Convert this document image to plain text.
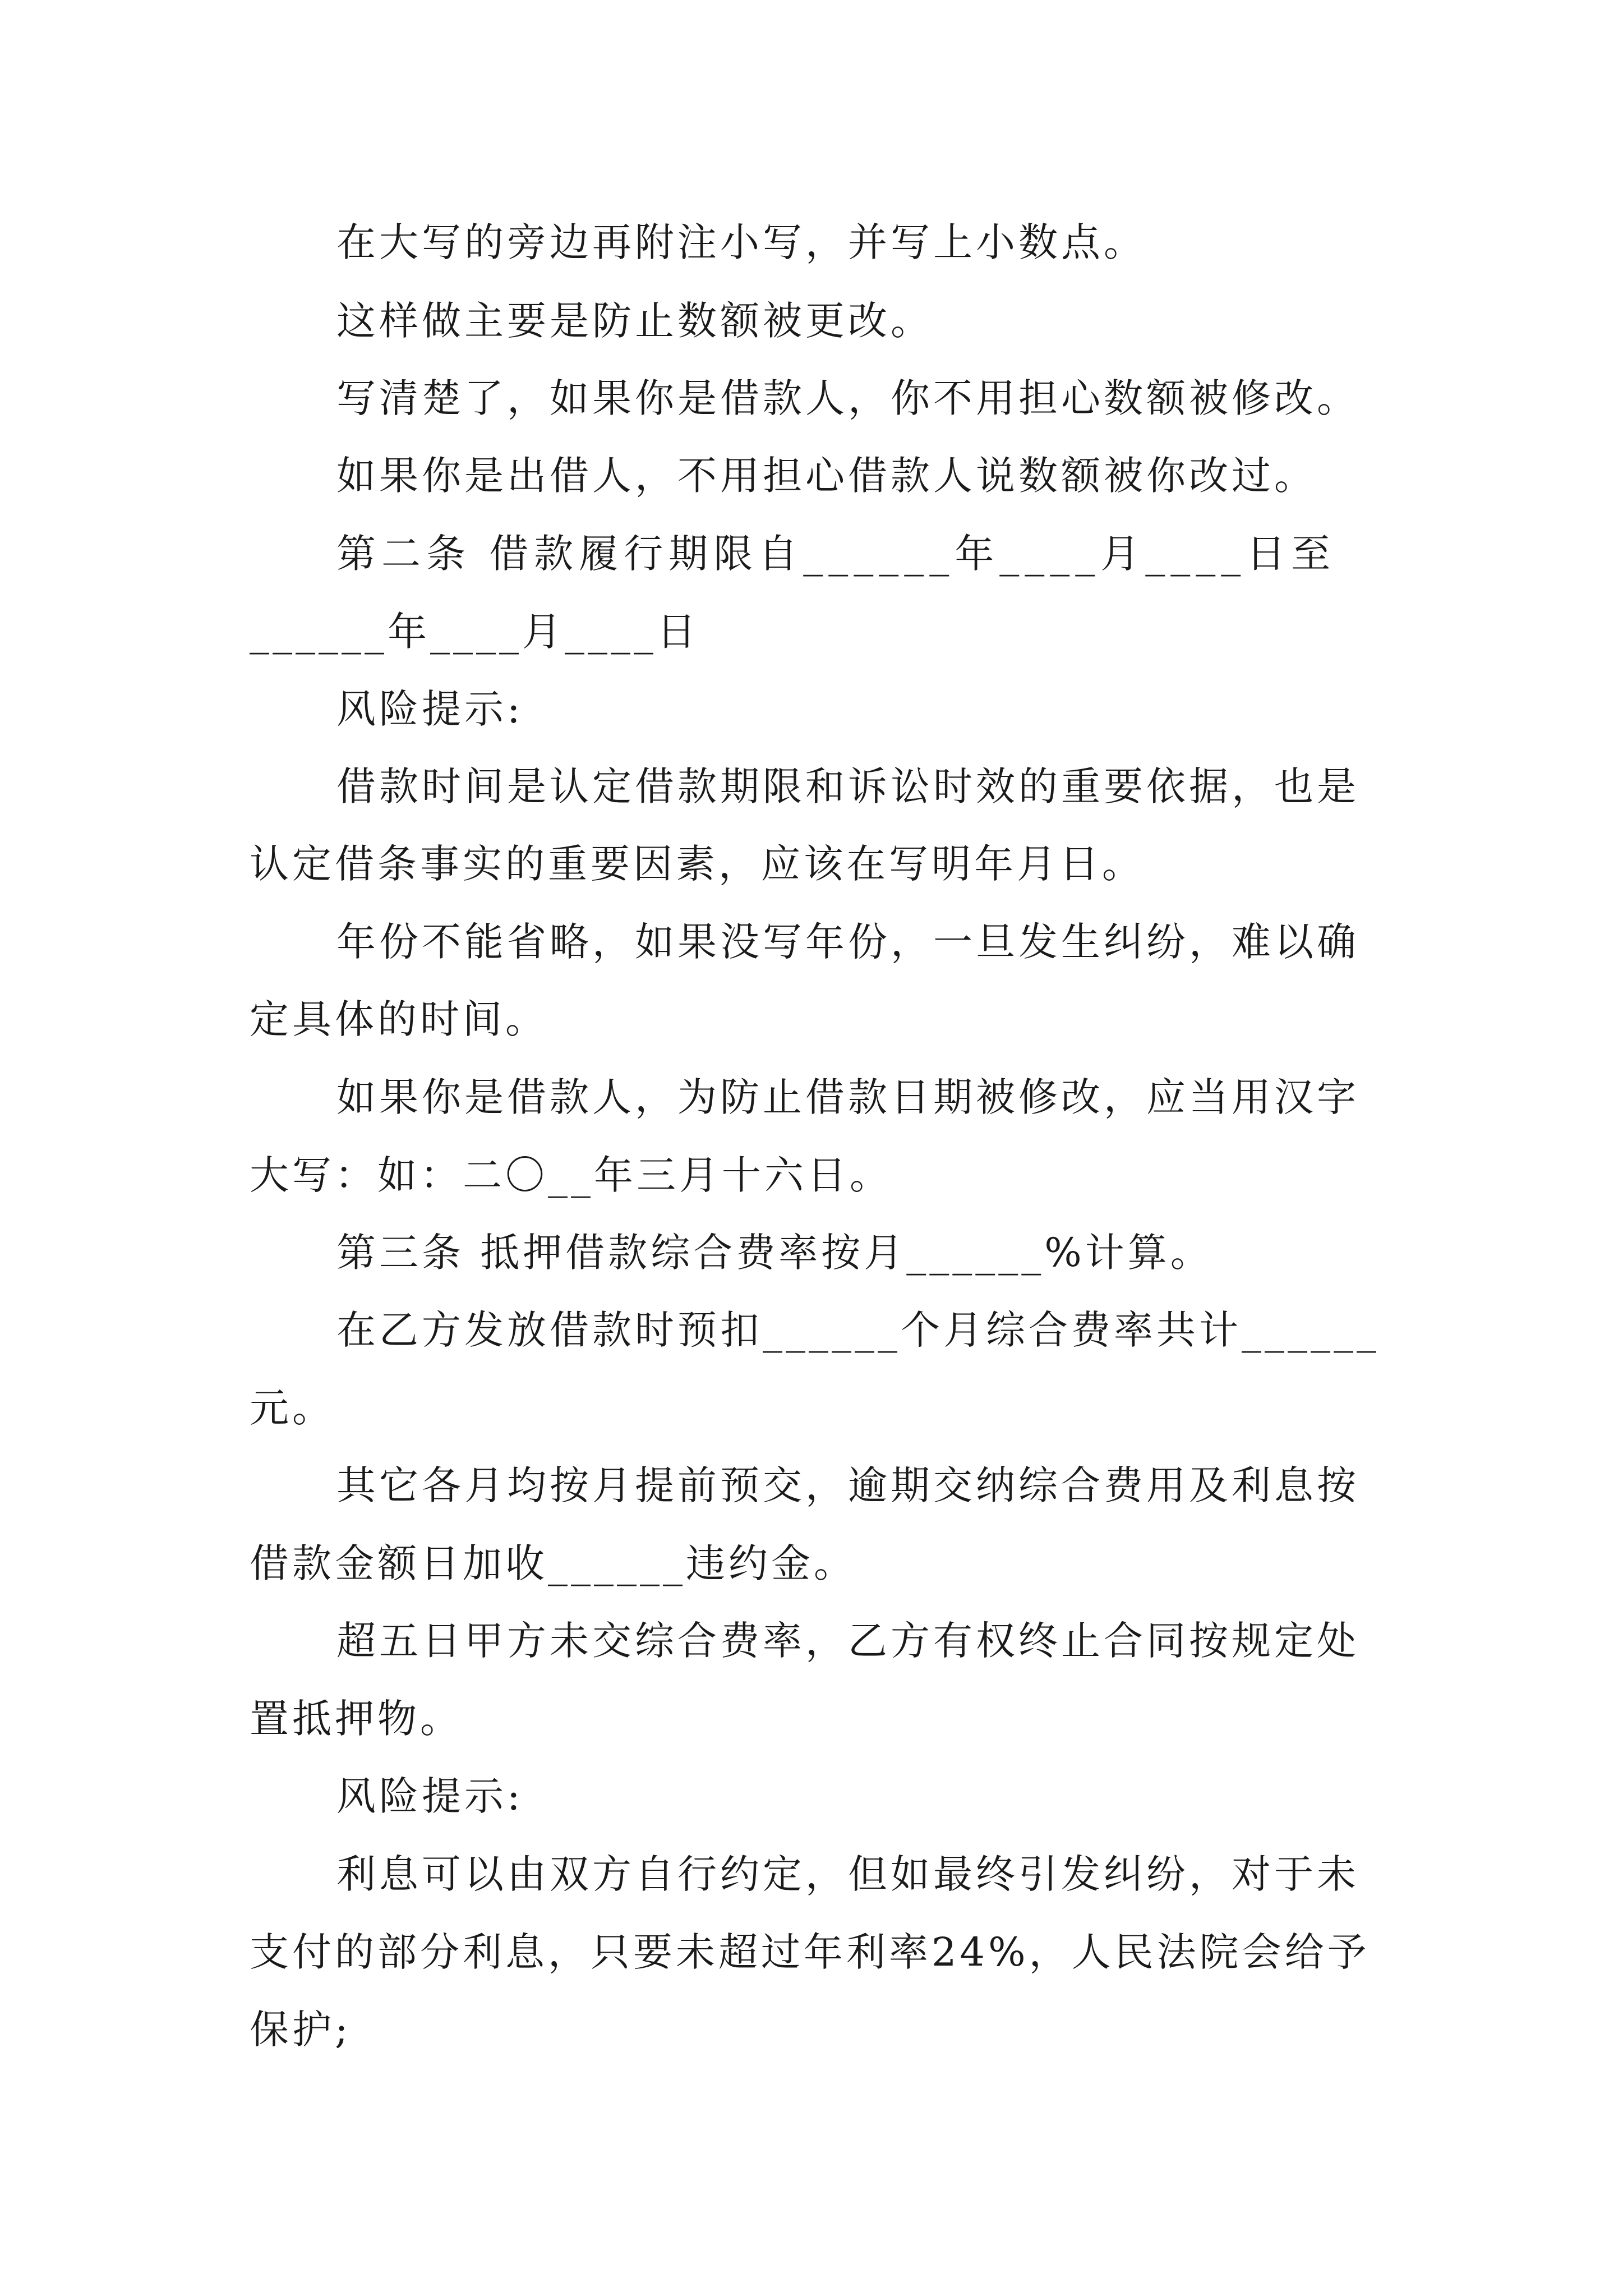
在大写的旁边再附注小写，并写上小数点。

这样做主要是防止数额被更改。

写清楚了，如果你是借款人，你不用担心数额被修改。

如果你是出借人，不用担心借款人说数额被你改过。

第二条 借款履行期限自______年____月____日至

______年____月____日

风险提示:

借款时间是认定借款期限和诉讼时效的重要依据，也是

认定借条事实的重要因素，应该在写明年月日。

年份不能省略，如果没写年份，一旦发生纠纷，难以确

定具体的时间。

如果你是借款人，为防止借款日期被修改，应当用汉字

大写：如：二〇__年三月十六日。

第三条 抵押借款综合费率按月______%计算。

在乙方发放借款时预扣______个月综合费率共计______

元。

其它各月均按月提前预交，逾期交纳综合费用及利息按

借款金额日加收______违约金。

超五日甲方未交综合费率，乙方有权终止合同按规定处

置抵押物。

风险提示:

利息可以由双方自行约定，但如最终引发纠纷，对于未

支付的部分利息，只要未超过年利率24%，人民法院会给予

保护;
